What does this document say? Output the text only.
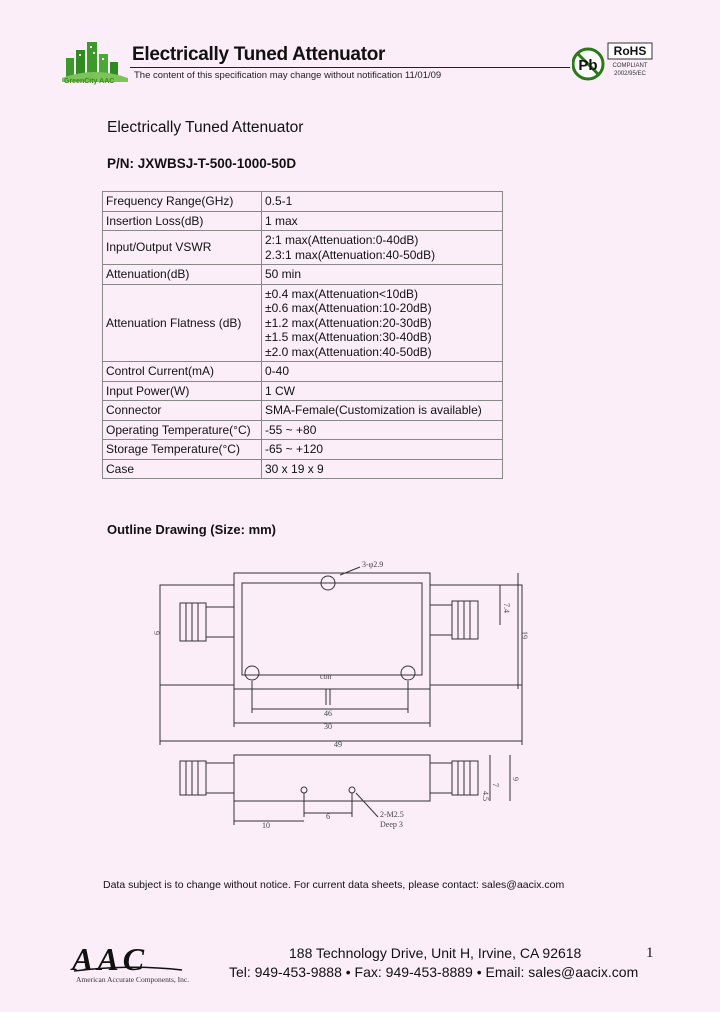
GreenCity AAC
Electrically Tuned Attenuator
The content of this specification may change without notification 11/01/09
Pb
RoHS
COMPLIANT
2002/95/EC
Electrically Tuned Attenuator
P/N: JXWBSJ-T-500-1000-50D
Frequency Range(GHz)	0.5-1

Insertion Loss(dB)	1 max

Input/Output VSWR	2:1 max(Attenuation:0-40dB)
2.3:1 max(Attenuation:40-50dB)

Attenuation(dB)	50 min

Attenuation Flatness (dB)	±0.4 max(Attenuation<10dB)
±0.6 max(Attenuation:10-20dB)
±1.2 max(Attenuation:20-30dB)
±1.5 max(Attenuation:30-40dB)
±2.0 max(Attenuation:40-50dB)

Control Current(mA)	0-40

Input Power(W)	1 CW

Connector	SMA-Female(Customization is available)

Operating Temperature(°C)	-55 ~ +80

Storage Temperature(°C)	-65 ~ +120

Case	30 x 19 x 9
Outline Drawing (Size: mm)
3-φ2.9
7.4
19
9
con
46
30
49
9
4.5
7
6
10
2-M2.5
Deep 3
Data subject is to change without notice. For current data sheets, please contact: sales@aacix.com
AAC
American Accurate Components, Inc.
188 Technology Drive, Unit H, Irvine, CA 92618
Tel: 949-453-9888 • Fax: 949-453-8889 • Email: sales@aacix.com
1
